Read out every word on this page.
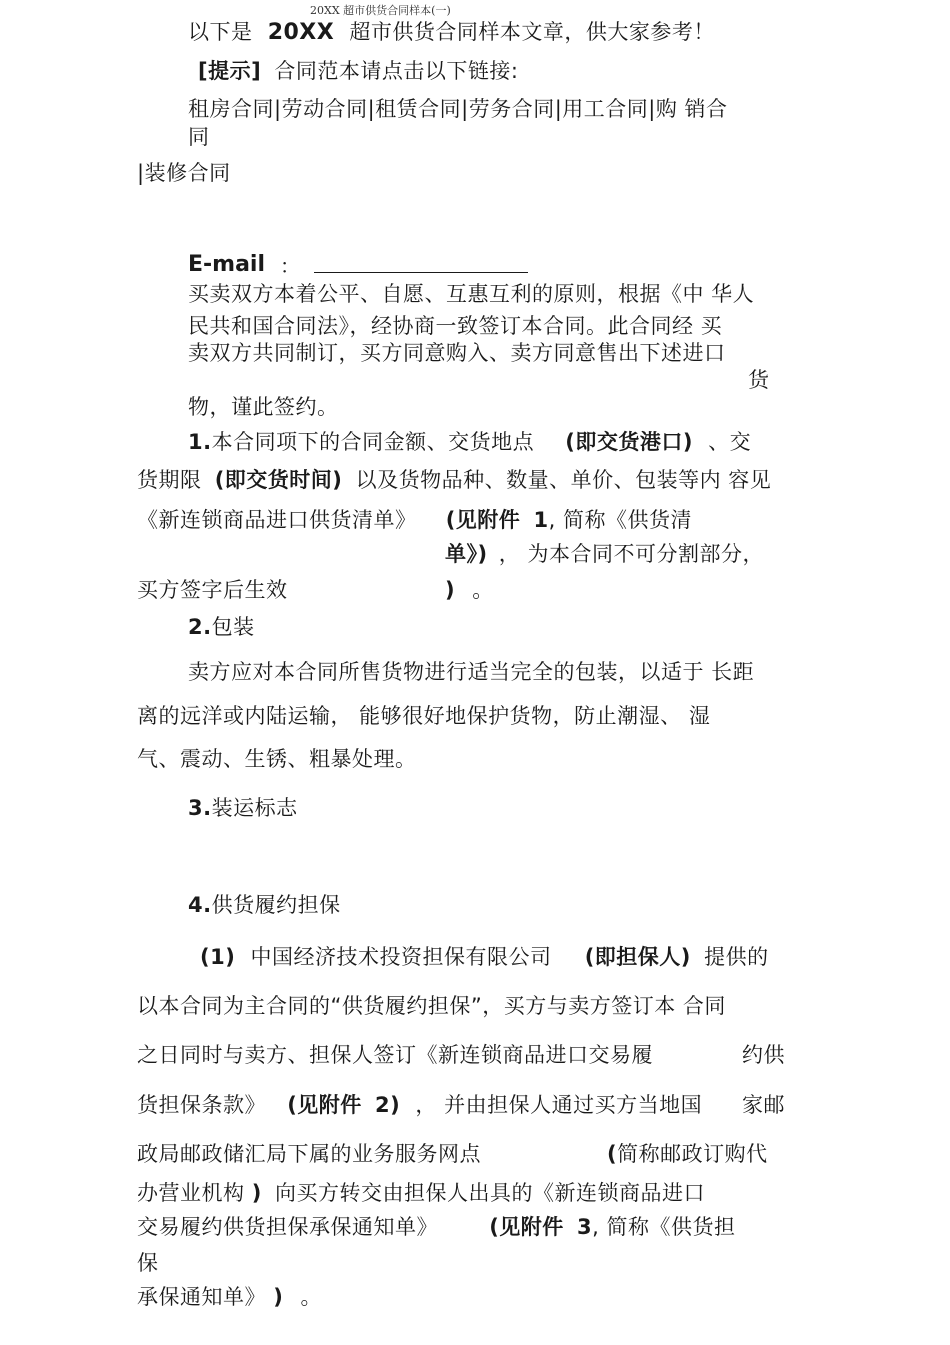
20XX 超市供货合同样本(一)
以下是 20XX 超市供货合同样本文章，供大家参考！
[提示] 合同范本请点击以下链接:
租房合同|劳动合同|租赁合同|劳务合同|用工合同|购 销合
同
|装修合同
E-mail ：
买卖双方本着公平、自愿、互惠互利的原则，根据《中 华人
民共和国合同法》，经协商一致签订本合同。此合同经 买
卖双方共同制订，买方同意购入、卖方同意售出下述进口
货
物，谨此签约。
1.本合同项下的合同金额、交货地点 (即交货港口) 、交
货期限 (即交货时间) 以及货物品种、数量、单价、包装等内 容见
《新连锁商品进口供货清单》 (见附件 1, 简称《供货清
单》) ， 为本合同不可分割部分，
买方签字后生效	) 。
2.包装
卖方应对本合同所售货物进行适当完全的包装，以适于 长距
离的远洋或内陆运输， 能够很好地保护货物，防止潮湿、 湿
气、震动、生锈、粗暴处理。
3.装运标志
4.供货履约担保
(1) 中国经济技术投资担保有限公司 (即担保人) 提供的
以本合同为主合同的“供货履约担保”，买方与卖方签订本 合同
之日同时与卖方、担保人签订《新连锁商品进口交易履	约供
货担保条款》 (见附件 2) ， 并由担保人通过买方当地国 家邮
政局邮政储汇局下属的业务服务网点	(简称邮政订购代
办营业机构 ) 向买方转交由担保人出具的《新连锁商品进口
交易履约供货担保承保通知单》 (见附件 3, 简称《供货担
保
承保通知单》 ) 。
